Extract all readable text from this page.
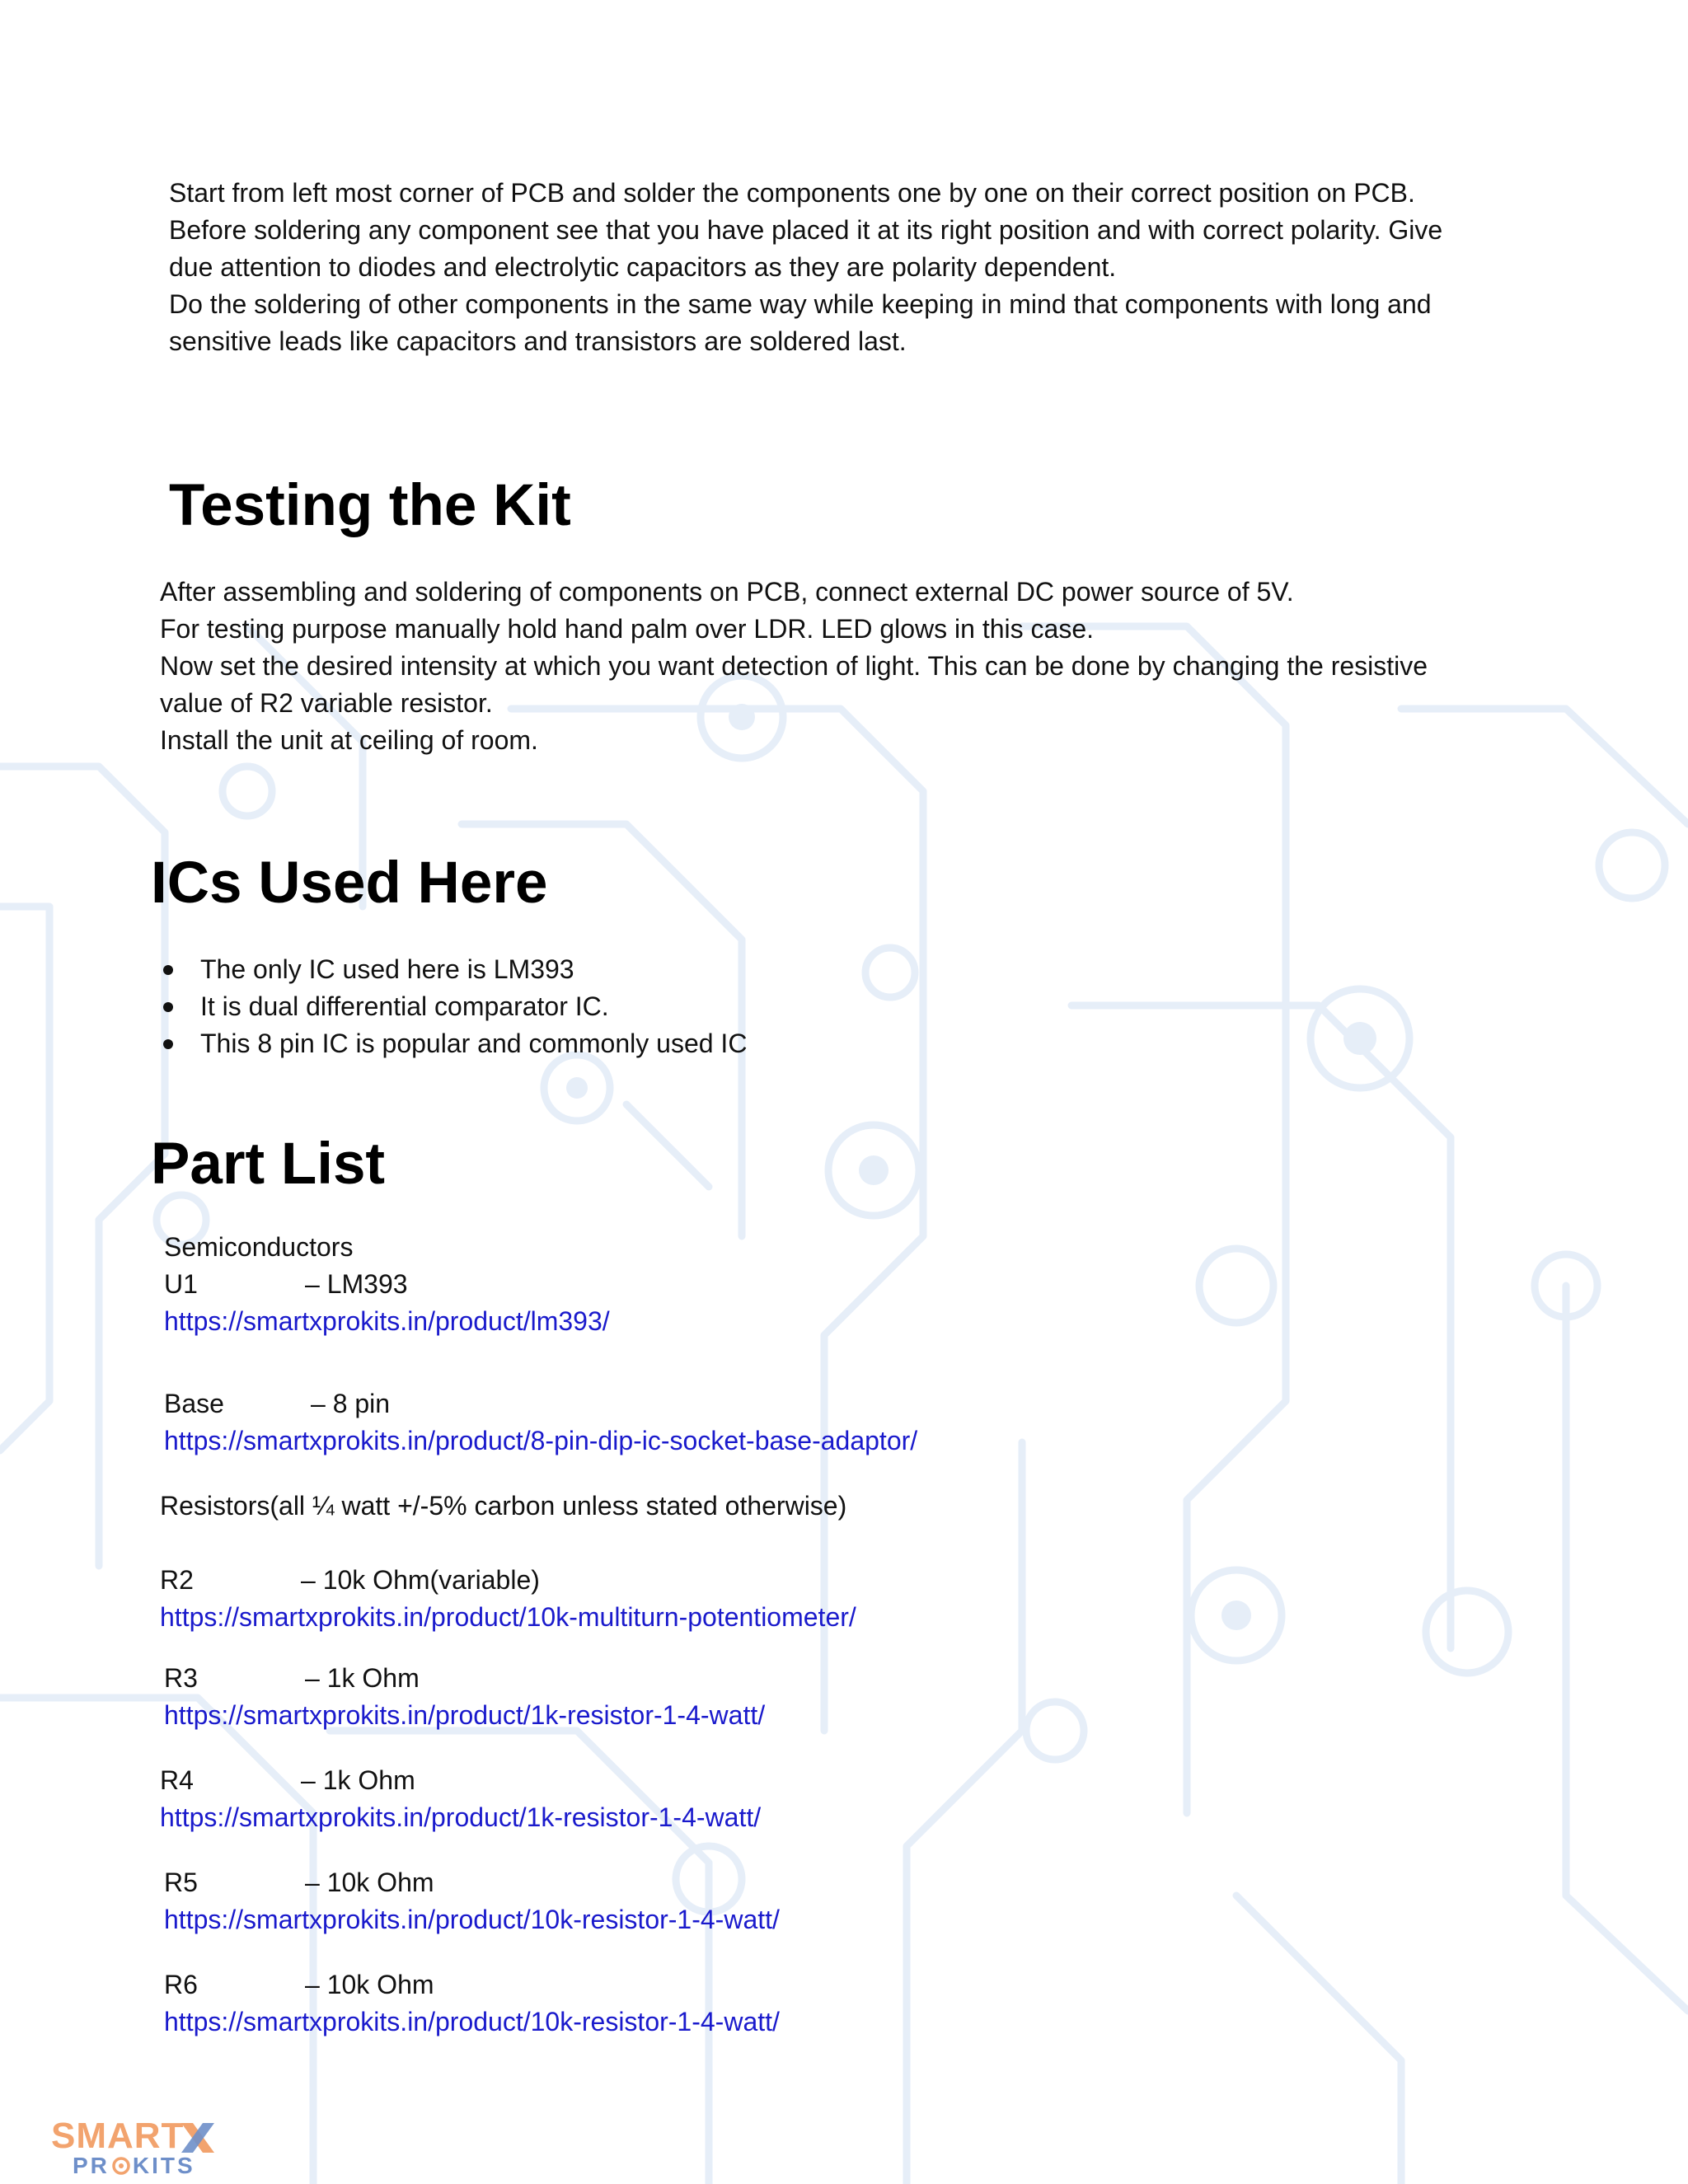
Start from left most corner of PCB and solder the components one by one on their correct position on PCB.
Before soldering any component see that you have placed it at its right position and with correct polarity. Give
due attention to diodes and electrolytic capacitors as they are polarity dependent.
Do the soldering of other components in the same way while keeping in mind that components with long and
sensitive leads like capacitors and transistors are soldered last.
Testing the Kit
After assembling and soldering of components on PCB, connect external DC power source of 5V.
For testing purpose manually hold hand palm over LDR. LED glows in this case.
Now set the desired intensity at which you want detection of light. This can be done by changing the resistive
value of R2 variable resistor.
Install the unit at ceiling of room.
ICs Used Here
The only IC used here is LM393
It is dual differential comparator IC.
This 8 pin IC is popular and commonly used IC
Part List
Semiconductors
U1	– LM393
https://smartxprokits.in/product/lm393/
Base	– 8 pin
https://smartxprokits.in/product/8-pin-dip-ic-socket-base-adaptor/
Resistors(all ¼ watt +/-5% carbon unless stated otherwise)
R2	– 10k Ohm(variable)
https://smartxprokits.in/product/10k-multiturn-potentiometer/
R3	– 1k Ohm
https://smartxprokits.in/product/1k-resistor-1-4-watt/
R4	– 1k Ohm
https://smartxprokits.in/product/1k-resistor-1-4-watt/
R5	– 10k Ohm
https://smartxprokits.in/product/10k-resistor-1-4-watt/
R6	– 10k Ohm
https://smartxprokits.in/product/10k-resistor-1-4-watt/
SMART
PR KITS
